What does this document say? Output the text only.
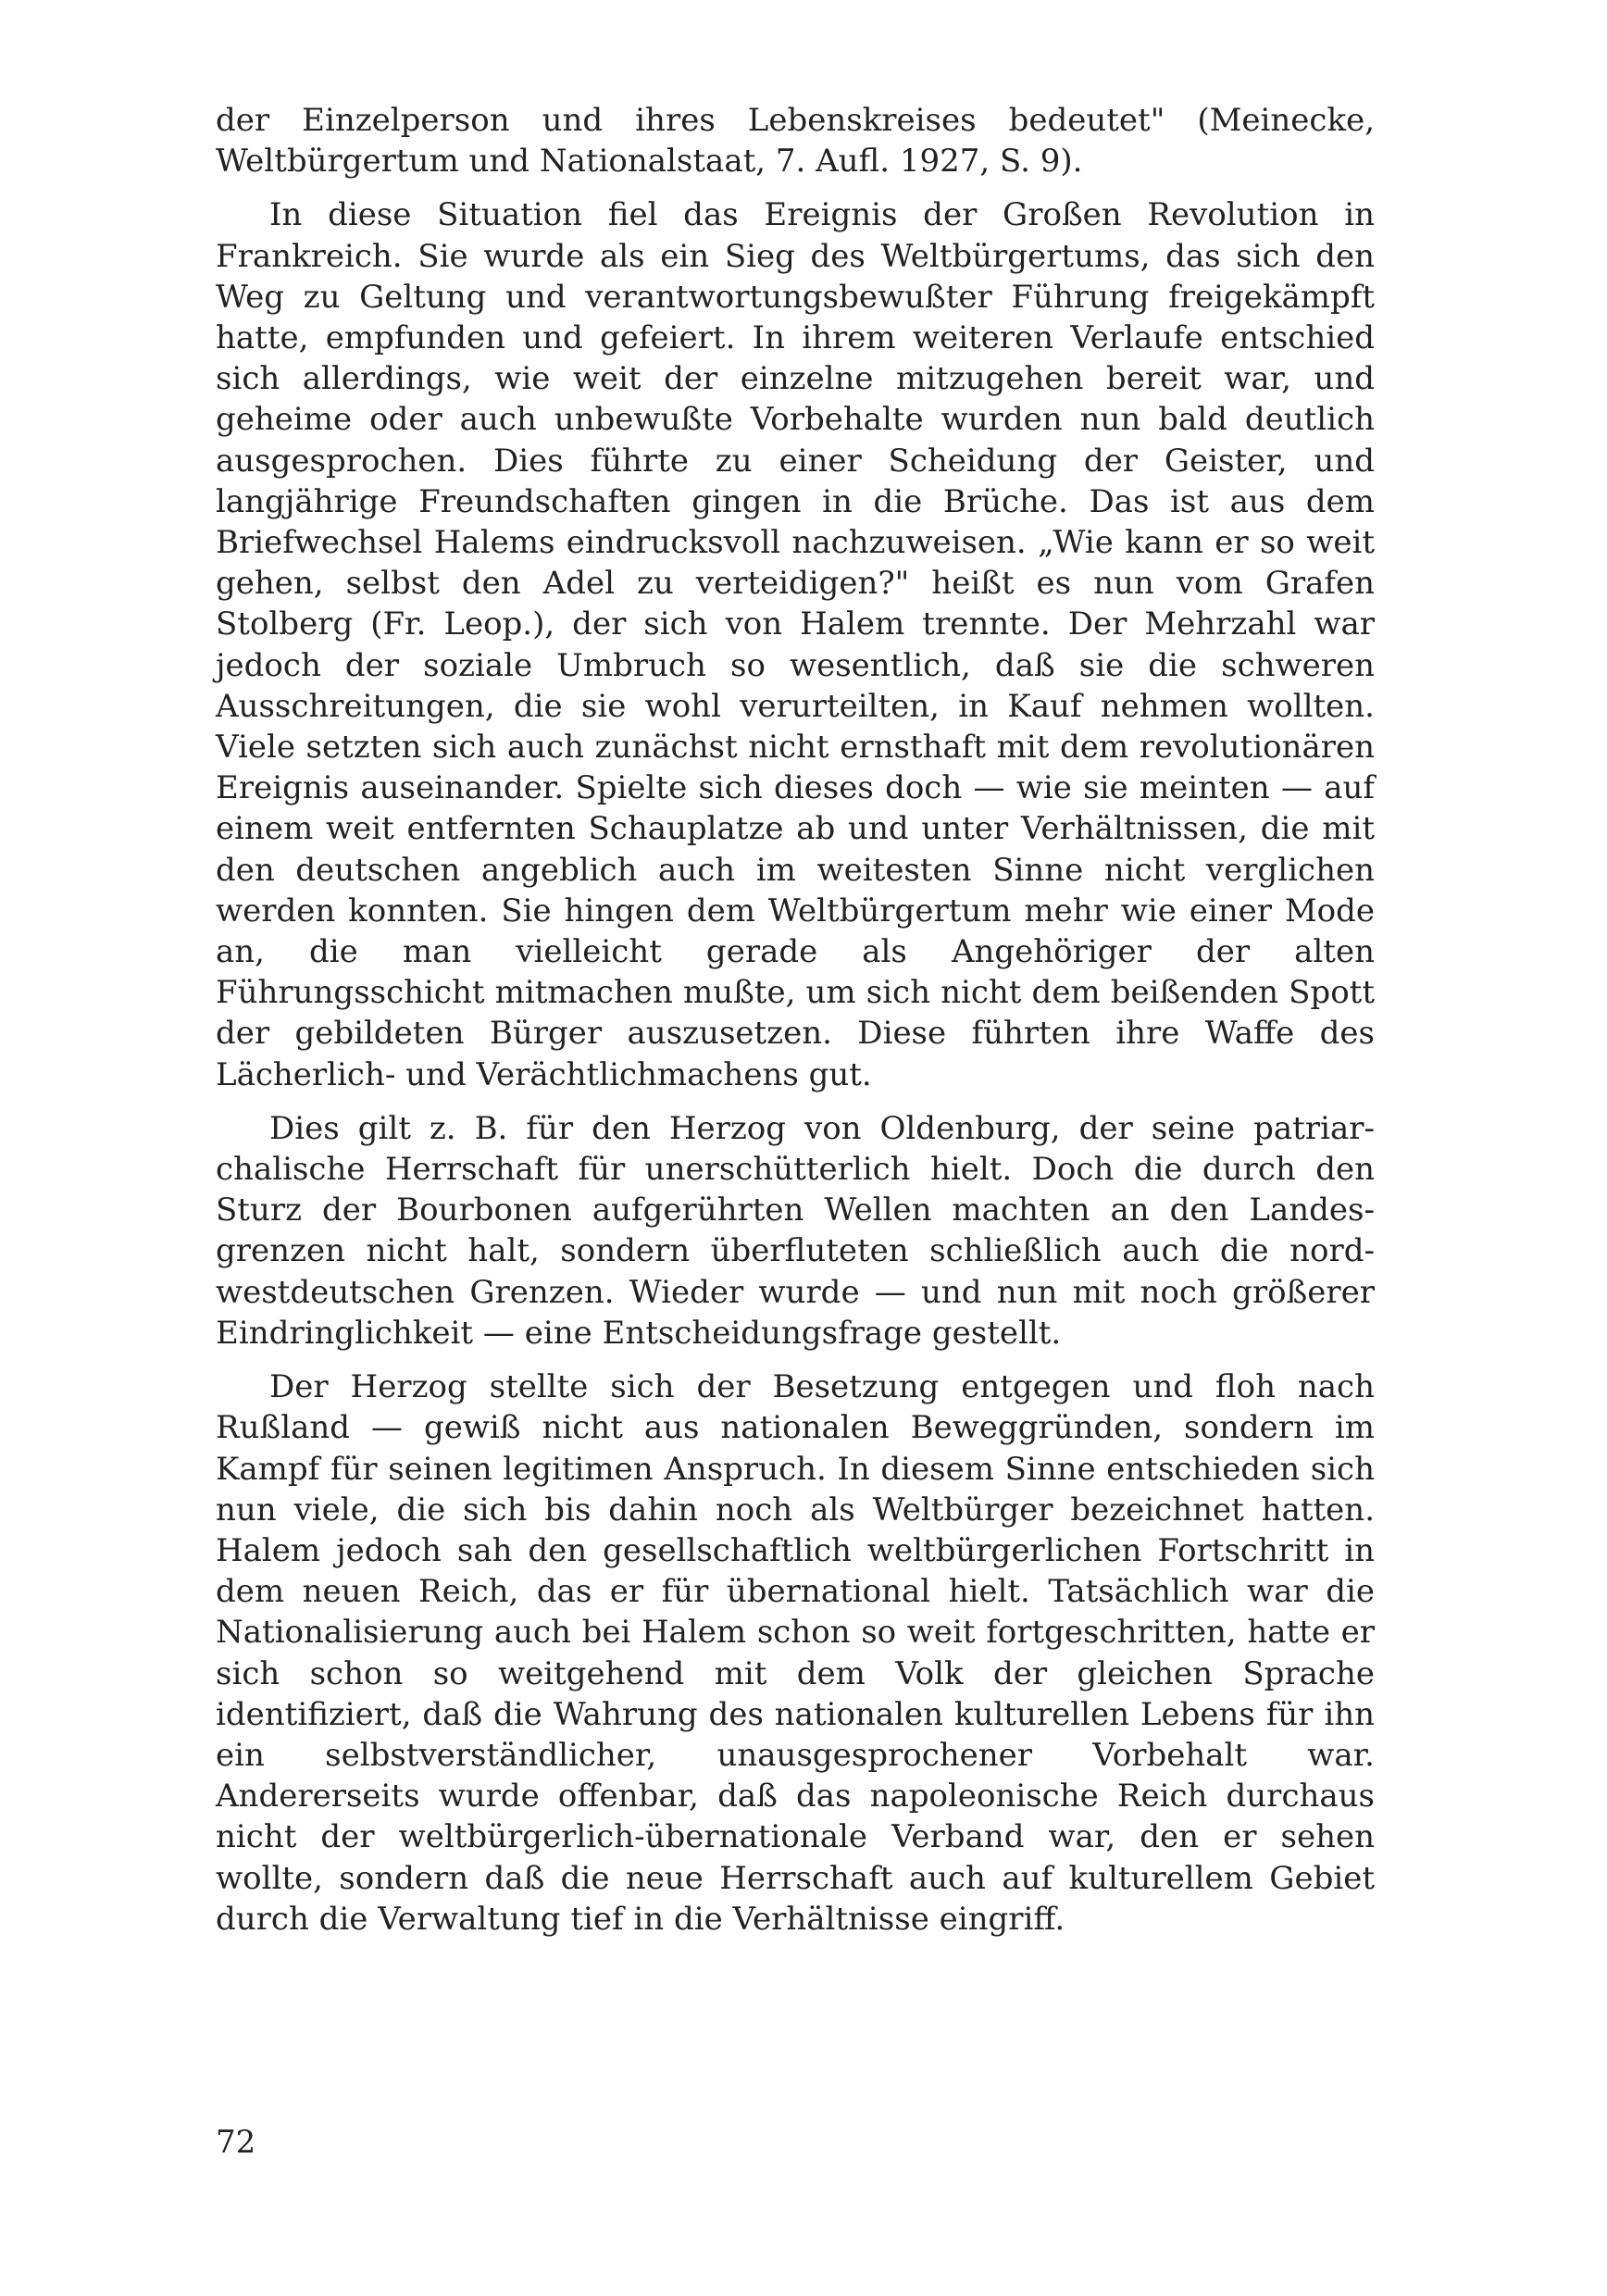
der Einzelperson und ihres Lebenskreises bedeutet" (Meinecke, Weltbürgertum und Nationalstaat, 7. Aufl. 1927, S. 9).

In diese Situation fiel das Ereignis der Großen Revolution in Frankreich. Sie wurde als ein Sieg des Weltbürgertums, das sich den Weg zu Geltung und verantwortungsbewußter Führung freigekämpft hatte, empfunden und gefeiert. In ihrem weiteren Verlaufe entschied sich allerdings, wie weit der einzelne mitzugehen bereit war, und geheime oder auch unbewußte Vorbehalte wurden nun bald deutlich ausgesprochen. Dies führte zu einer Scheidung der Geister, und langjährige Freundschaften gingen in die Brüche. Das ist aus dem Briefwechsel Halems eindrucksvoll nachzuweisen. „Wie kann er so weit gehen, selbst den Adel zu verteidigen?" heißt es nun vom Grafen Stolberg (Fr. Leop.), der sich von Halem trennte. Der Mehrzahl war jedoch der soziale Umbruch so wesentlich, daß sie die schweren Ausschreitungen, die sie wohl verurteilten, in Kauf nehmen wollten. Viele setzten sich auch zunächst nicht ernsthaft mit dem revolutionären Ereignis auseinander. Spielte sich dieses doch — wie sie meinten — auf einem weit entfernten Schauplatze ab und unter Verhältnissen, die mit den deutschen angeblich auch im weitesten Sinne nicht verglichen werden konnten. Sie hingen dem Weltbürgertum mehr wie einer Mode an, die man vielleicht gerade als Angehöriger der alten Führungsschicht mitmachen mußte, um sich nicht dem beißenden Spott der gebildeten Bürger auszusetzen. Diese führten ihre Waffe des Lächerlich- und Verächtlichmachens gut.

Dies gilt z. B. für den Herzog von Oldenburg, der seine patriarchalische Herrschaft für unerschütterlich hielt. Doch die durch den Sturz der Bourbonen aufgerührten Wellen machten an den Landesgrenzen nicht halt, sondern überfluteten schließlich auch die nordwestdeutschen Grenzen. Wieder wurde — und nun mit noch größerer Eindringlichkeit — eine Entscheidungsfrage gestellt.

Der Herzog stellte sich der Besetzung entgegen und floh nach Rußland — gewiß nicht aus nationalen Beweggründen, sondern im Kampf für seinen legitimen Anspruch. In diesem Sinne entschieden sich nun viele, die sich bis dahin noch als Weltbürger bezeichnet hatten. Halem jedoch sah den gesellschaftlich weltbürgerlichen Fortschritt in dem neuen Reich, das er für übernational hielt. Tatsächlich war die Nationalisierung auch bei Halem schon so weit fortgeschritten, hatte er sich schon so weitgehend mit dem Volk der gleichen Sprache identifiziert, daß die Wahrung des nationalen kulturellen Lebens für ihn ein selbstverständlicher, unausgesprochener Vorbehalt war. Andererseits wurde offenbar, daß das napoleonische Reich durchaus nicht der weltbürgerlich-übernationale Verband war, den er sehen wollte, sondern daß die neue Herrschaft auch auf kulturellem Gebiet durch die Verwaltung tief in die Verhältnisse eingriff.

72
